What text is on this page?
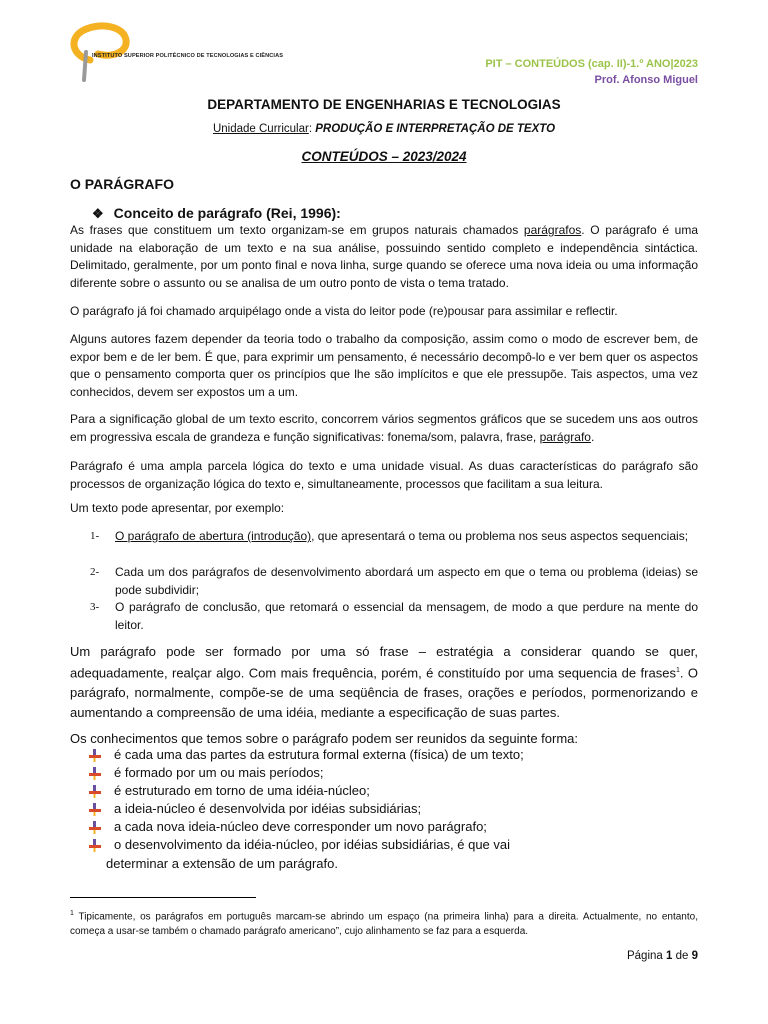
INSTITUTO SUPERIOR POLITÉCNICO DE TECNOLOGIAS E CIÊNCIAS
PIT – CONTEÚDOS (cap. II)-1.º ANO|2023
Prof. Afonso Miguel
DEPARTAMENTO DE ENGENHARIAS E TECNOLOGIAS
Unidade Curricular: PRODUÇÃO E INTERPRETAÇÃO DE TEXTO
CONTEÚDOS – 2023/2024
O PARÁGRAFO
❖ Conceito de parágrafo (Rei, 1996):
As frases que constituem um texto organizam-se em grupos naturais chamados parágrafos. O parágrafo é uma unidade na elaboração de um texto e na sua análise, possuindo sentido completo e independência sintáctica. Delimitado, geralmente, por um ponto final e nova linha, surge quando se oferece uma nova ideia ou uma informação diferente sobre o assunto ou se analisa de um outro ponto de vista o tema tratado.
O parágrafo já foi chamado arquipélago onde a vista do leitor pode (re)pousar para assimilar e reflectir.
Alguns autores fazem depender da teoria todo o trabalho da composição, assim como o modo de escrever bem, de expor bem e de ler bem. É que, para exprimir um pensamento, é necessário decompô-lo e ver bem quer os aspectos que o pensamento comporta quer os princípios que lhe são implícitos e que ele pressupõe. Tais aspectos, uma vez conhecidos, devem ser expostos um a um.
Para a significação global de um texto escrito, concorrem vários segmentos gráficos que se sucedem uns aos outros em progressiva escala de grandeza e função significativas: fonema/som, palavra, frase, parágrafo.
Parágrafo é uma ampla parcela lógica do texto e uma unidade visual. As duas características do parágrafo são processos de organização lógica do texto e, simultaneamente, processos que facilitam a sua leitura.
Um texto pode apresentar, por exemplo:
1- O parágrafo de abertura (introdução), que apresentará o tema ou problema nos seus aspectos sequenciais;
2- Cada um dos parágrafos de desenvolvimento abordará um aspecto em que o tema ou problema (ideias) se pode subdividir;
3- O parágrafo de conclusão, que retomará o essencial da mensagem, de modo a que perdure na mente do leitor.
Um parágrafo pode ser formado por uma só frase – estratégia a considerar quando se quer, adequadamente, realçar algo. Com mais frequência, porém, é constituído por uma sequencia de frases$^1$. O parágrafo, normalmente, compõe-se de uma seqüência de frases, orações e períodos, pormenorizando e aumentando a compreensão de uma idéia, mediante a especificação de suas partes.
Os conhecimentos que temos sobre o parágrafo podem ser reunidos da seguinte forma:
é cada uma das partes da estrutura formal externa (física) de um texto;
é formado por um ou mais períodos;
é estruturado em torno de uma idéia-núcleo;
a ideia-núcleo é desenvolvida por idéias subsidiárias;
a cada nova ideia-núcleo deve corresponder um novo parágrafo;
o desenvolvimento da idéia-núcleo, por idéias subsidiárias, é que vai
determinar a extensão de um parágrafo.
$^1$ Tipicamente, os parágrafos em português marcam-se abrindo um espaço (na primeira linha) para a direita. Actualmente, no entanto, começa a usar-se também o chamado parágrafo americano”, cujo alinhamento se faz para a esquerda.
Página 1 de 9
